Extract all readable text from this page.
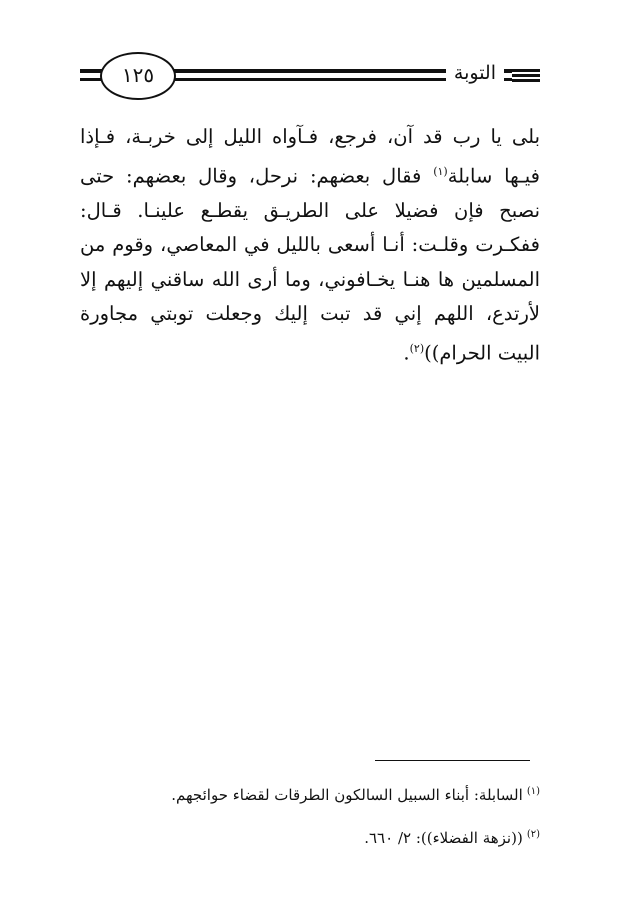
التوبة
١٢٥
بلى يا رب قد آن، فرجع، فـآواه الليل إلى خربـة، فـإذا فيـها سابلة$^{(١)}$ فقال بعضهم: نرحل، وقال بعضهم: حتى نصبح فإن فضيلا على الطريـق يقطـع علينـا. قـال: ففكـرت وقلـت: أنـا أسعى بالليل في المعاصي، وقوم من المسلمين ها هنـا يخـافوني، وما أرى الله ساقني إليهم إلا لأرتدع، اللهم إني قد تبت إليك وجعلت توبتي مجاورة البيت الحرام))$^{(٢)}$.
$^{(١)}$السابلة: أبناء السبيل السالكون الطرقات لقضاء حوائجهم.
$^{(٢)}$((نزهة الفضلاء)): ٢/ ٦٦٠.
